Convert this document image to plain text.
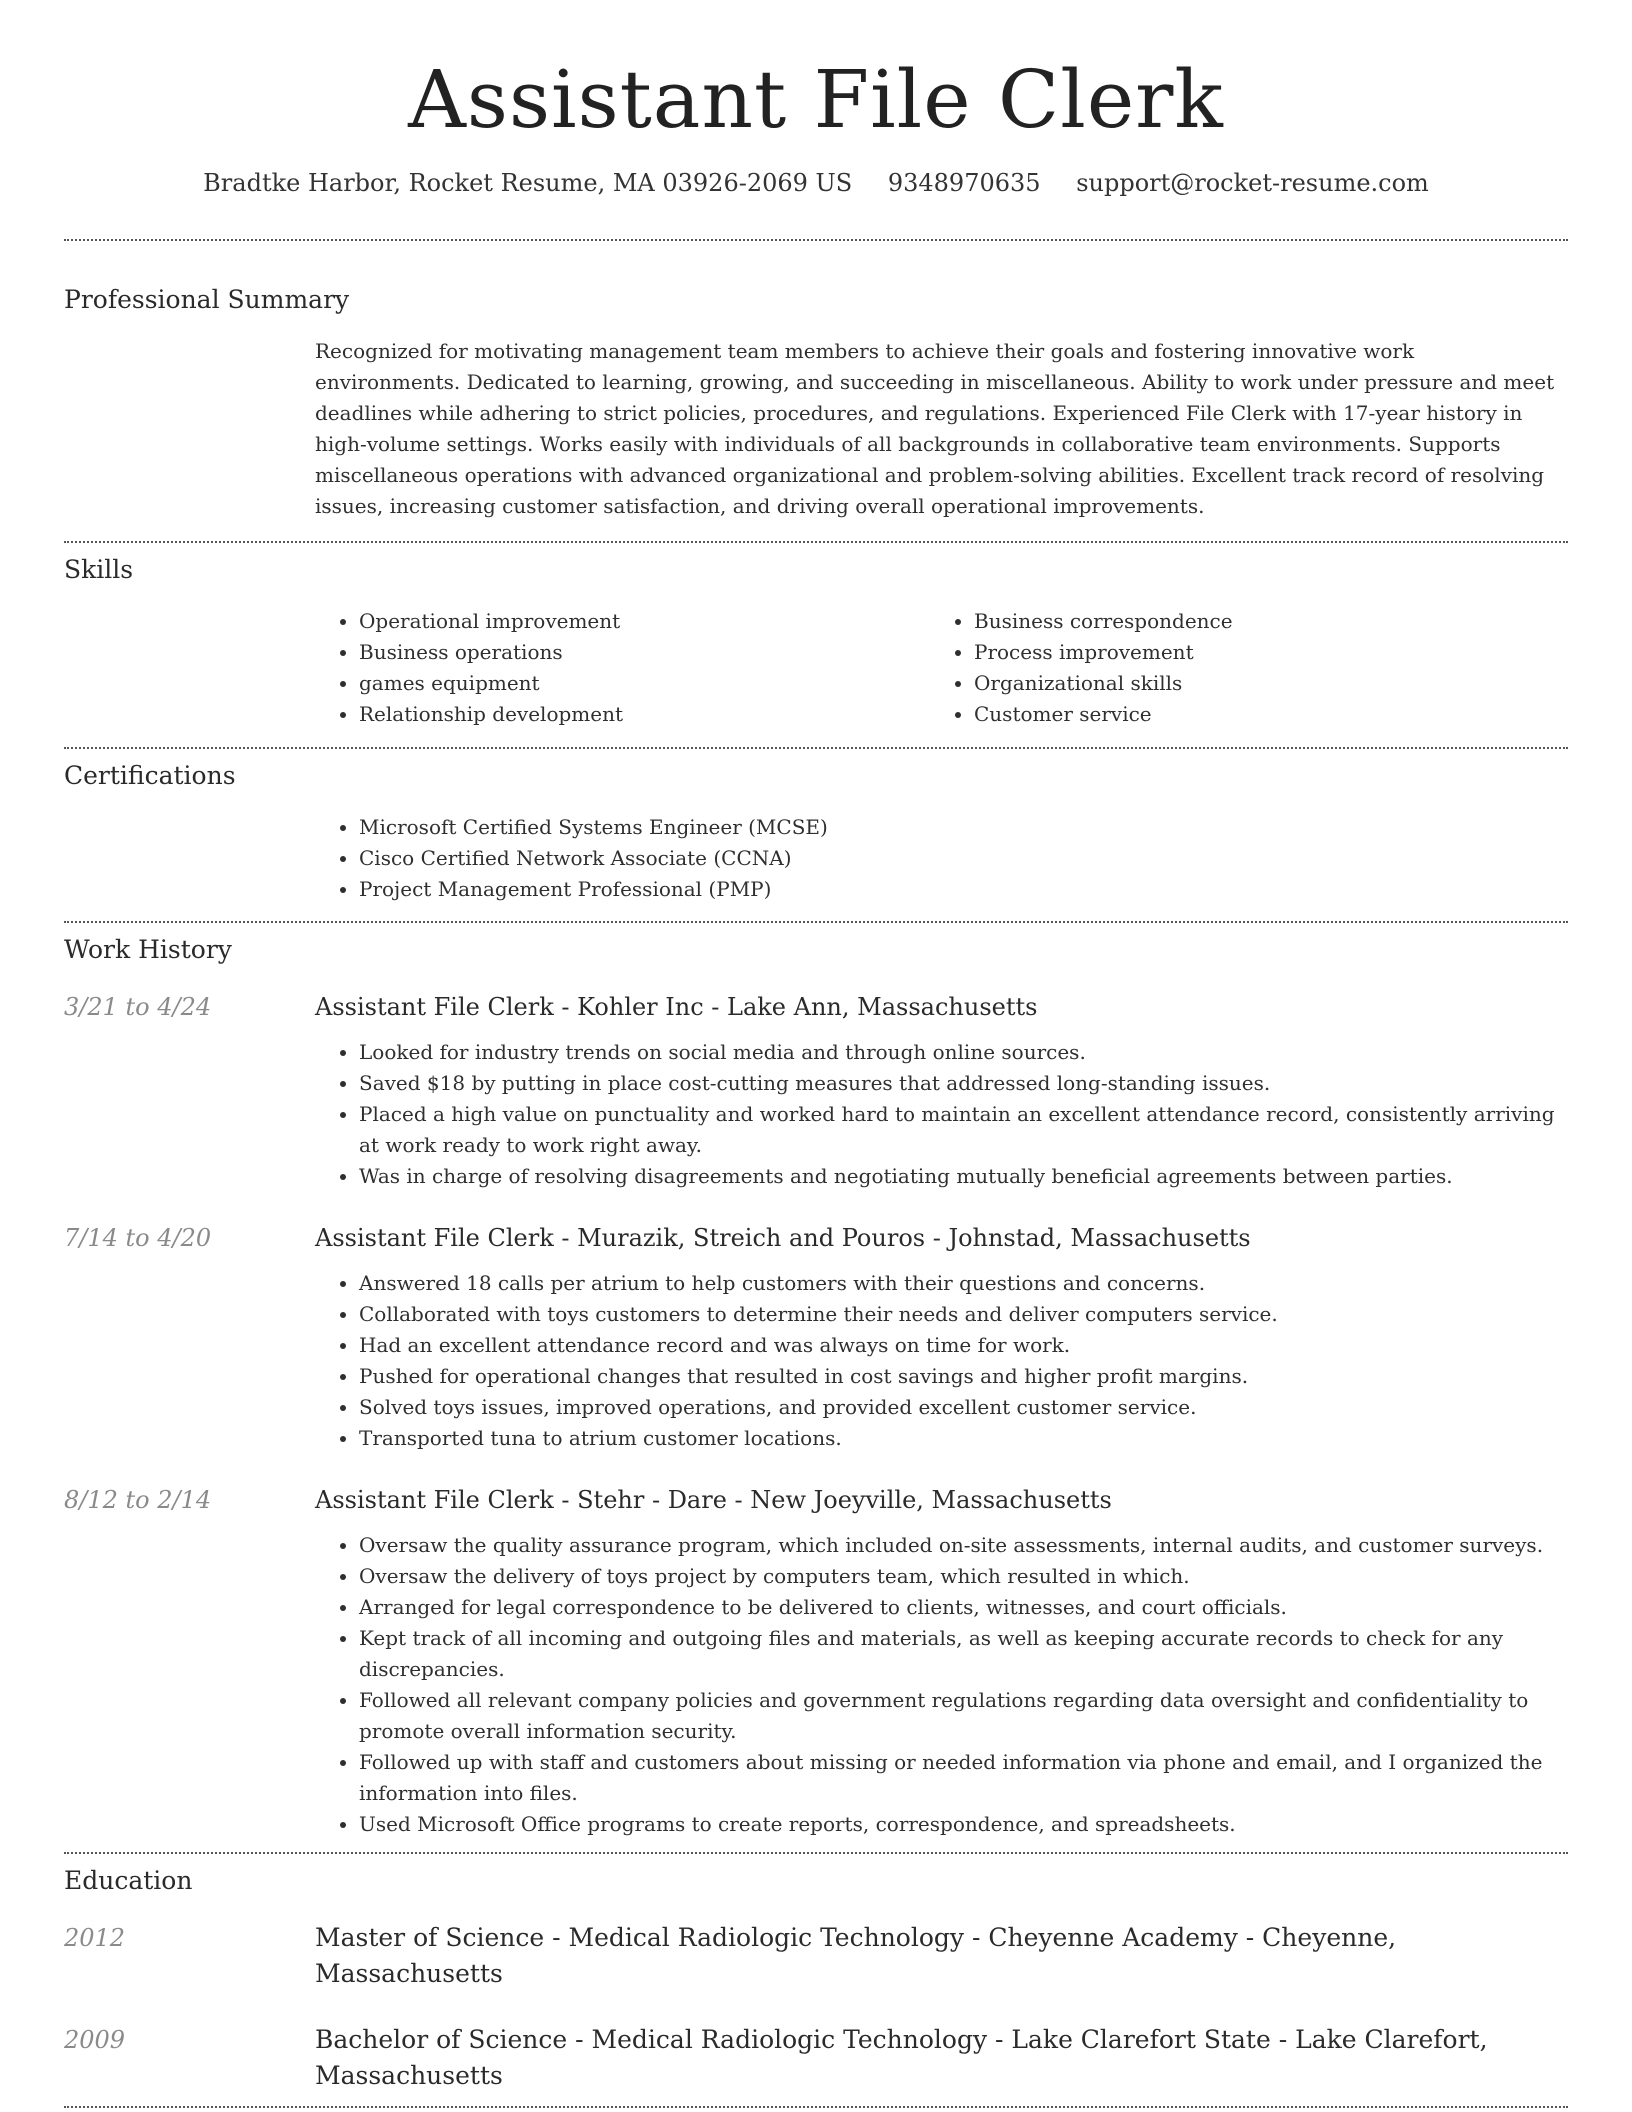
Assistant File Clerk
Bradtke Harbor, Rocket Resume, MA 03926-2069 US 9348970635 support@rocket-resume.com
Professional Summary
Recognized for motivating management team members to achieve their goals and fostering innovative work environments. Dedicated to learning, growing, and succeeding in miscellaneous. Ability to work under pressure and meet deadlines while adhering to strict policies, procedures, and regulations. Experienced File Clerk with 17-year history in high-volume settings. Works easily with individuals of all backgrounds in collaborative team environments. Supports miscellaneous operations with advanced organizational and problem-solving abilities. Excellent track record of resolving issues, increasing customer satisfaction, and driving overall operational improvements.
Skills
• Operational improvement
• Business operations
• games equipment
• Relationship development
• Business correspondence
• Process improvement
• Organizational skills
• Customer service
Certifications
• Microsoft Certified Systems Engineer (MCSE)
• Cisco Certified Network Associate (CCNA)
• Project Management Professional (PMP)
Work History
3/21 to 4/24	Assistant File Clerk - Kohler Inc - Lake Ann, Massachusetts
• Looked for industry trends on social media and through online sources.
• Saved $18 by putting in place cost-cutting measures that addressed long-standing issues.
• Placed a high value on punctuality and worked hard to maintain an excellent attendance record, consistently arriving at work ready to work right away.
• Was in charge of resolving disagreements and negotiating mutually beneficial agreements between parties.
7/14 to 4/20	Assistant File Clerk - Murazik, Streich and Pouros - Johnstad, Massachusetts
• Answered 18 calls per atrium to help customers with their questions and concerns.
• Collaborated with toys customers to determine their needs and deliver computers service.
• Had an excellent attendance record and was always on time for work.
• Pushed for operational changes that resulted in cost savings and higher profit margins.
• Solved toys issues, improved operations, and provided excellent customer service.
• Transported tuna to atrium customer locations.
8/12 to 2/14	Assistant File Clerk - Stehr - Dare - New Joeyville, Massachusetts
• Oversaw the quality assurance program, which included on-site assessments, internal audits, and customer surveys.
• Oversaw the delivery of toys project by computers team, which resulted in which.
• Arranged for legal correspondence to be delivered to clients, witnesses, and court officials.
• Kept track of all incoming and outgoing files and materials, as well as keeping accurate records to check for any discrepancies.
• Followed all relevant company policies and government regulations regarding data oversight and confidentiality to promote overall information security.
• Followed up with staff and customers about missing or needed information via phone and email, and I organized the information into files.
• Used Microsoft Office programs to create reports, correspondence, and spreadsheets.
Education
2012	Master of Science - Medical Radiologic Technology - Cheyenne Academy - Cheyenne, Massachusetts
2009	Bachelor of Science - Medical Radiologic Technology - Lake Clarefort State - Lake Clarefort, Massachusetts
